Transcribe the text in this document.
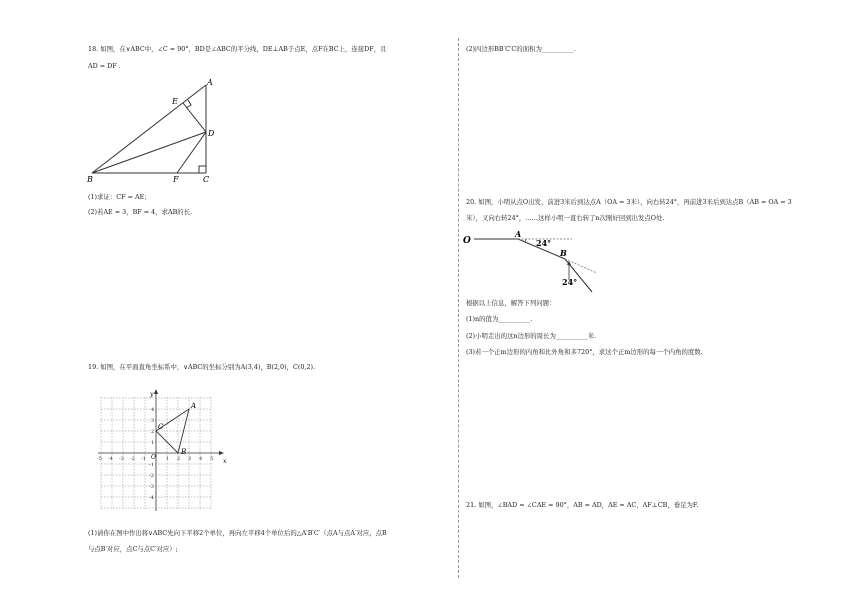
18. 如图，在∨ABC中，∠C = 90°，BD是∠ABC的平分线，DE⊥AB于点E，点F在BC上，连接DF，且
AD = DF .
A
E
D
B	F	C
(1)求证：CF = AE；
(2)若AE = 3，BF = 4，求AB的长.
19. 如图，在平面直角坐标系中，∨ABC的坐标分别为A(3,4)，B(2,0)，C(0,2).
-5 -4 -3 -2 -1	1 2 3 4 5
4
3
2
1
-1
-2
-3
-4
x
y
O
A
B
C
(1)请你在图中作出将∨ABC先向下平移2个单位，再向左平移4个单位后的△A′B′C′（点A与点A′对应，点B
与点B′对应，点C与点C′对应）;
(2)四边形BB′C′C的面积为__________.
20. 如图，小明从点O出发，前进3米后到达点A（OA = 3米），向右转24°，再前进3米后到达点B（AB = OA = 3
米），又向右转24°，……这样小明一直右转了n次刚好回到出发点O处.
O
A
B
24°
24°
根据以上信息，解答下列问题：
(1)n的值为__________.
(2)小明走出的这n边形的周长为__________米.
(3)若一个正m边形的内角和比外角和多720°，求这个正m边形的每一个内角的度数.
21. 如图，∠BAD = ∠CAE = 90°，AB = AD，AE = AC，AF⊥CB，垂足为F.
